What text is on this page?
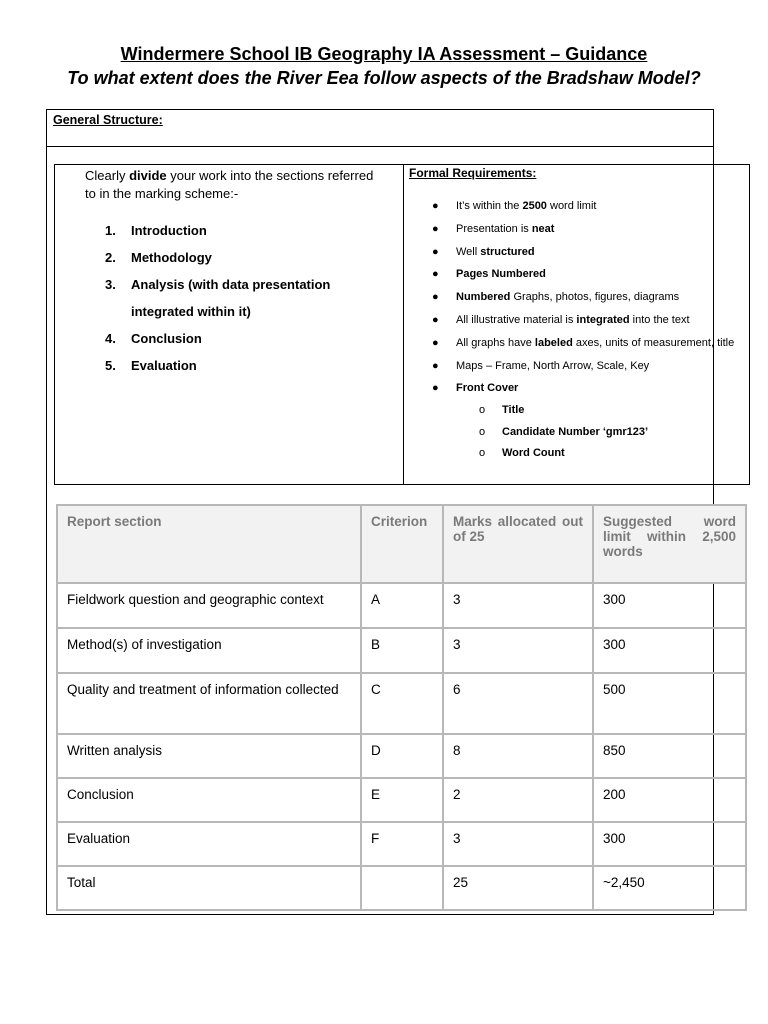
Windermere School IB Geography IA Assessment – Guidance
To what extent does the River Eea follow aspects of the Bradshaw Model?
General Structure:
Clearly divide your work into the sections referred to in the marking scheme:-
1. Introduction
2. Methodology
3. Analysis (with data presentation integrated within it)
4. Conclusion
5. Evaluation
Formal Requirements:
● It’s within the 2500 word limit
● Presentation is neat
● Well structured
● Pages Numbered
● Numbered Graphs, photos, figures, diagrams
● All illustrative material is integrated into the text
● All graphs have labeled axes, units of measurement, title
● Maps – Frame, North Arrow, Scale, Key
● Front Cover
o Title
o Candidate Number ‘gmr123’
o Word Count
Report section	Criterion	Marks allocated out of 25	Suggested word limit within 2,500 words
Fieldwork question and geographic context	A	3	300
Method(s) of investigation	B	3	300
Quality and treatment of information collected	C	6	500
Written analysis	D	8	850
Conclusion	E	2	200
Evaluation	F	3	300
Total		25	~2,450
